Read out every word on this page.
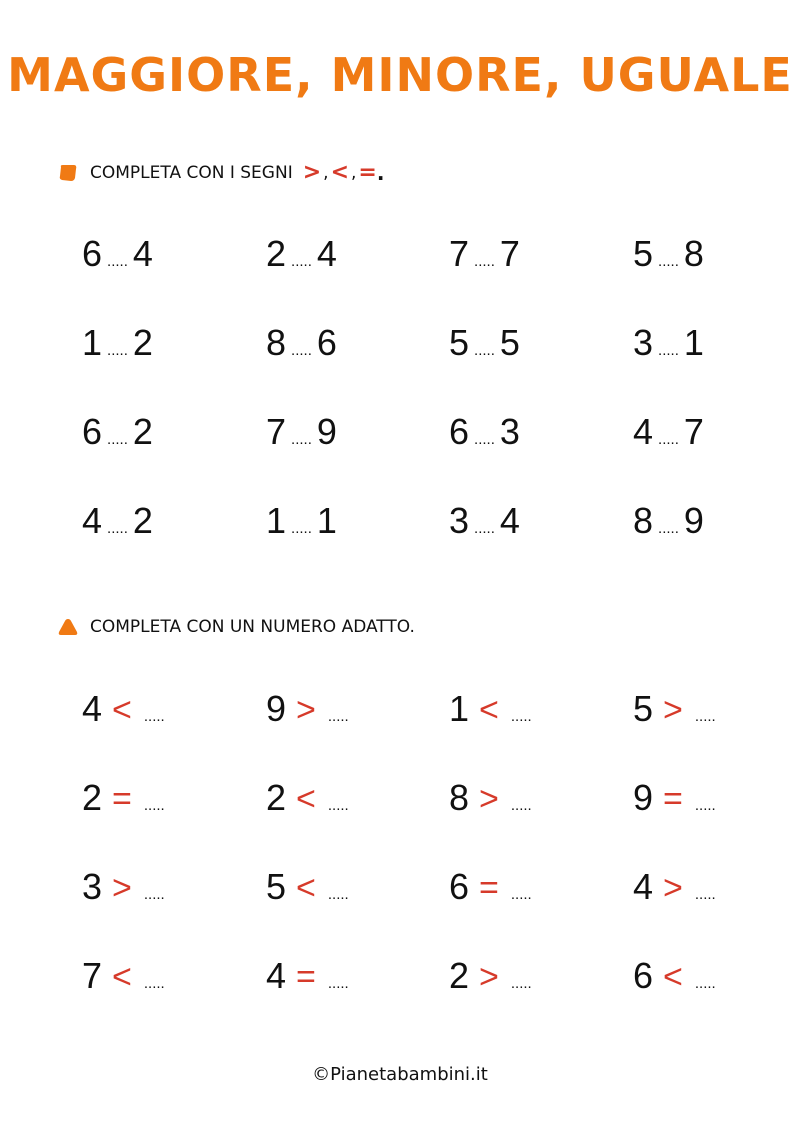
MAGGIORE, MINORE, UGUALE
COMPLETA CON I SEGNI > , < , = .
6 ..... 4	2 ..... 4	7 ..... 7	5 ..... 8
1 ..... 2	8 ..... 6	5 ..... 5	3 ..... 1
6 ..... 2	7 ..... 9	6 ..... 3	4 ..... 7
4 ..... 2	1 ..... 1	3 ..... 4	8 ..... 9
COMPLETA CON UN NUMERO ADATTO.
4 < .....	9 > .....	1 < .....	5 > .....
2 = .....	2 < .....	8 > .....	9 = .....
3 > .....	5 < .....	6 = .....	4 > .....
7 < .....	4 = .....	2 > .....	6 < .....
©Pianetabambini.it
